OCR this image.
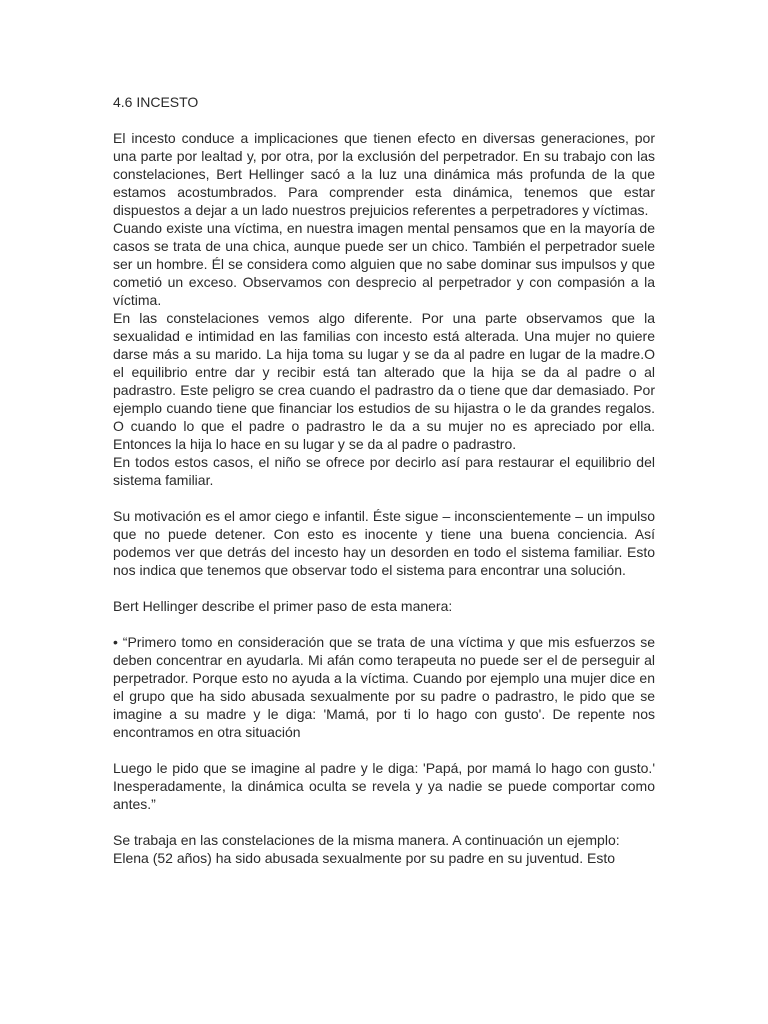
4.6 INCESTO

El incesto conduce a implicaciones que tienen efecto en diversas generaciones, por una parte por lealtad y, por otra, por la exclusión del perpetrador. En su trabajo con las constelaciones, Bert Hellinger sacó a la luz una dinámica más profunda de la que estamos acostumbrados. Para comprender esta dinámica, tenemos que estar dispuestos a dejar a un lado nuestros prejuicios referentes a perpetradores y víctimas.

Cuando existe una víctima, en nuestra imagen mental pensamos que en la mayoría de casos se trata de una chica, aunque puede ser un chico. También el perpetrador suele ser un hombre. Él se considera como alguien que no sabe dominar sus impulsos y que cometió un exceso. Observamos con desprecio al perpetrador y con compasión a la víctima.

En las constelaciones vemos algo diferente. Por una parte observamos que la sexualidad e intimidad en las familias con incesto está alterada. Una mujer no quiere darse más a su marido. La hija toma su lugar y se da al padre en lugar de la madre.O el equilibrio entre dar y recibir está tan alterado que la hija se da al padre o al padrastro. Este peligro se crea cuando el padrastro da o tiene que dar demasiado. Por ejemplo cuando tiene que financiar los estudios de su hijastra o le da grandes regalos. O cuando lo que el padre o padrastro le da a su mujer no es apreciado por ella. Entonces la hija lo hace en su lugar y se da al padre o padrastro.

En todos estos casos, el niño se ofrece por decirlo así para restaurar el equilibrio del sistema familiar.

Su motivación es el amor ciego e infantil. Éste sigue – inconscientemente – un impulso que no puede detener. Con esto es inocente y tiene una buena conciencia. Así podemos ver que detrás del incesto hay un desorden en todo el sistema familiar. Esto nos indica que tenemos que observar todo el sistema para encontrar una solución.

Bert Hellinger describe el primer paso de esta manera:

• “Primero tomo en consideración que se trata de una víctima y que mis esfuerzos se deben concentrar en ayudarla. Mi afán como terapeuta no puede ser el de perseguir al perpetrador. Porque esto no ayuda a la víctima. Cuando por ejemplo una mujer dice en el grupo que ha sido abusada sexualmente por su padre o padrastro, le pido que se imagine a su madre y le diga: 'Mamá, por ti lo hago con gusto'. De repente nos encontramos en otra situación

Luego le pido que se imagine al padre y le diga: 'Papá, por mamá lo hago con gusto.' Inesperadamente, la dinámica oculta se revela y ya nadie se puede comportar como antes.”

Se trabaja en las constelaciones de la misma manera. A continuación un ejemplo:

Elena (52 años) ha sido abusada sexualmente por su padre en su juventud. Esto
